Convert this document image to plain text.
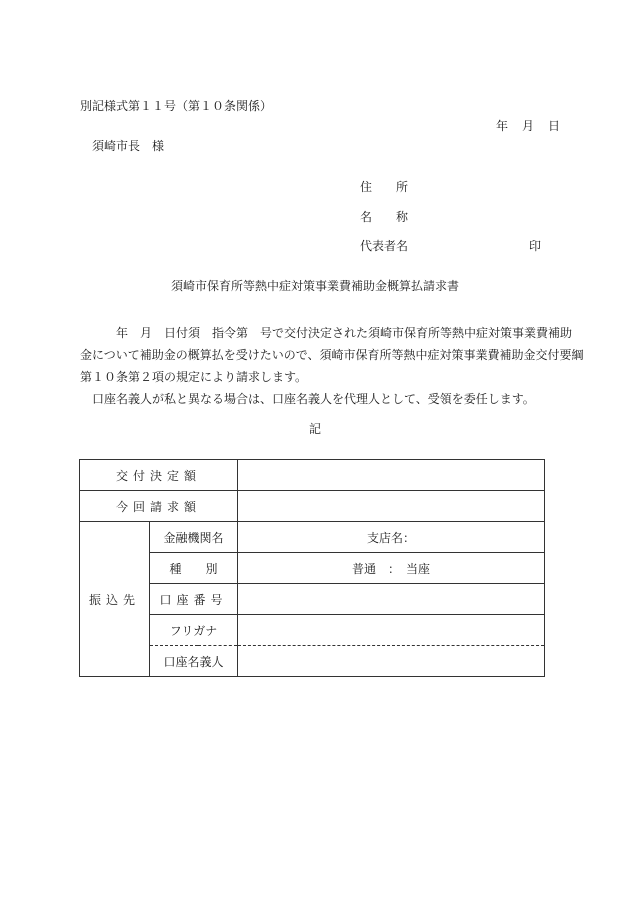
別記様式第１１号（第１０条関係）
年 月 日
須崎市長　様
住　　所
名　　称
代表者名	印
須崎市保育所等熱中症対策事業費補助金概算払請求書
　　　年　月　日付須　指令第　号で交付決定された須崎市保育所等熱中症対策事業費補助
金について補助金の概算払を受けたいので、須崎市保育所等熱中症対策事業費補助金交付要綱
第１０条第２項の規定により請求します。
　口座名義人が私と異なる場合は、口座名義人を代理人として、受領を委任します。
記
交付決定額		
今回請求額		
振込先	金融機関名	支店名：
	種　　別	普通　：　当座
	口座番号	
	フリガナ	
	口座名義人	
